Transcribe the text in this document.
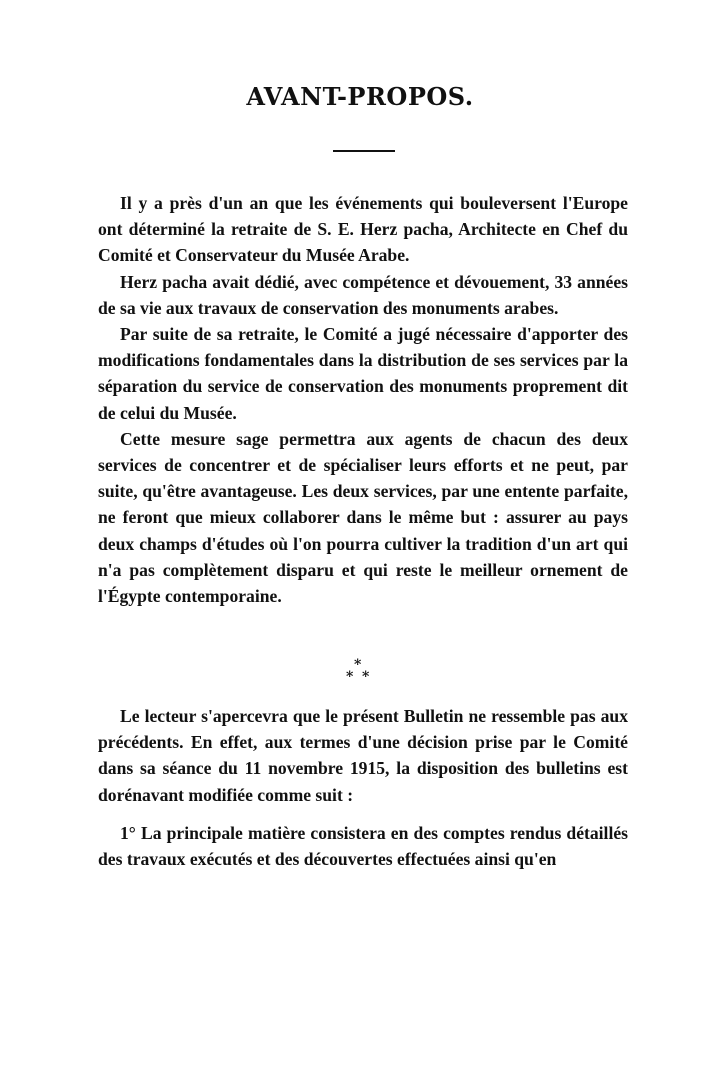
AVANT-PROPOS.

Il y a près d'un an que les événements qui bouleversent l'Europe ont déterminé la retraite de S. E. Herz pacha, Architecte en Chef du Comité et Conservateur du Musée Arabe.

Herz pacha avait dédié, avec compétence et dévouement, 33 années de sa vie aux travaux de conservation des monuments arabes.

Par suite de sa retraite, le Comité a jugé nécessaire d'apporter des modifications fondamentales dans la distribution de ses services par la séparation du service de conservation des monuments proprement dit de celui du Musée.

Cette mesure sage permettra aux agents de chacun des deux services de concentrer et de spécialiser leurs efforts et ne peut, par suite, qu'être avantageuse. Les deux services, par une entente parfaite, ne feront que mieux collaborer dans le même but : assurer au pays deux champs d'études où l'on pourra cultiver la tradition d'un art qui n'a pas complètement disparu et qui reste le meilleur ornement de l'Égypte contemporaine.

*
* *

Le lecteur s'apercevra que le présent Bulletin ne ressemble pas aux précédents. En effet, aux termes d'une décision prise par le Comité dans sa séance du 11 novembre 1915, la disposition des bulletins est dorénavant modifiée comme suit :

1° La principale matière consistera en des comptes rendus détaillés des travaux exécutés et des découvertes effectuées ainsi qu'en
